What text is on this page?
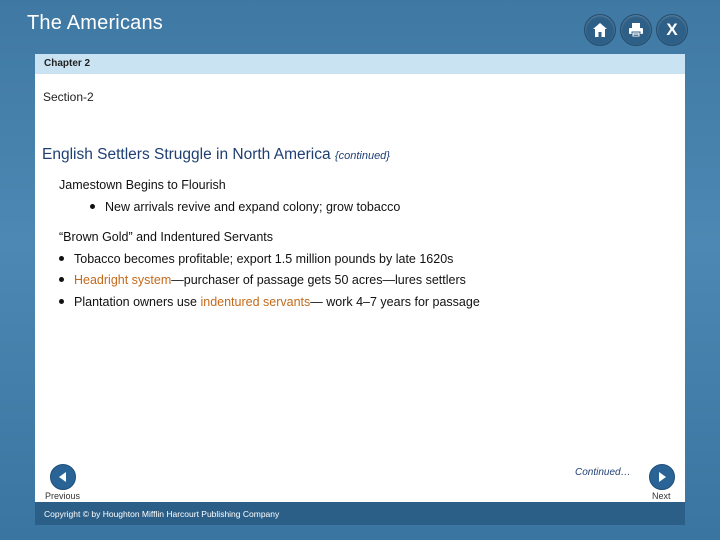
The Americans	X
Chapter 2
Section-2
English Settlers Struggle in North America {continued}
Jamestown Begins to Flourish
New arrivals revive and expand colony; grow tobacco
“Brown Gold” and Indentured Servants
Tobacco becomes profitable; export 1.5 million pounds by late 1620s
Headright system—purchaser of passage gets 50 acres—lures settlers
Plantation owners use indentured servants— work 4–7 years for passage
Continued…
Previous	Next
Copyright © by Houghton Mifflin Harcourt Publishing Company
